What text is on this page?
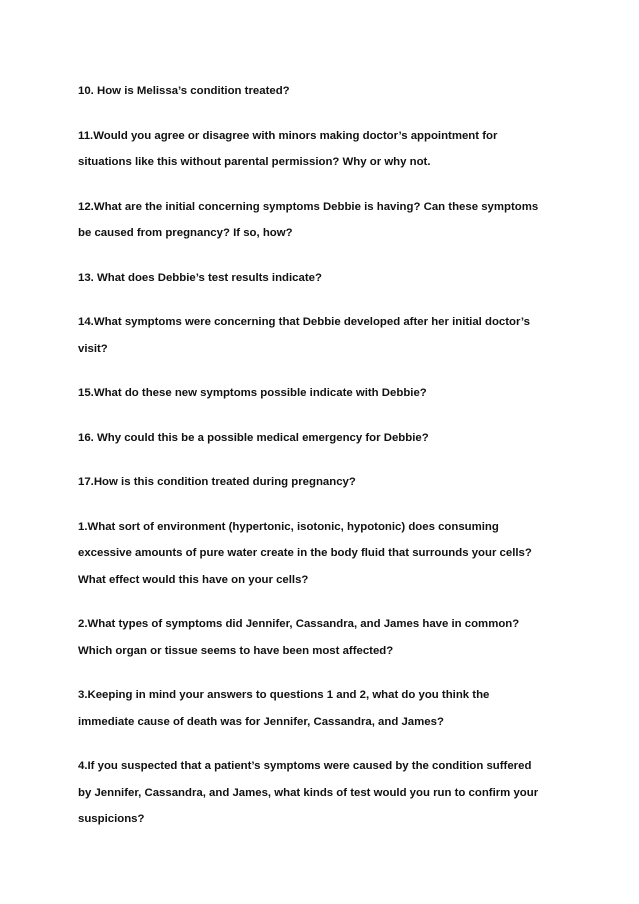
10. How is Melissa’s condition treated?

11.Would you agree or disagree with minors making doctor’s appointment for
situations like this without parental permission? Why or why not.

12.What are the initial concerning symptoms Debbie is having? Can these symptoms
be caused from pregnancy? If so, how?

13. What does Debbie’s test results indicate?

14.What symptoms were concerning that Debbie developed after her initial doctor’s
visit?

15.What do these new symptoms possible indicate with Debbie?

16. Why could this be a possible medical emergency for Debbie?

17.How is this condition treated during pregnancy?

1.What sort of environment (hypertonic, isotonic, hypotonic) does consuming
excessive amounts of pure water create in the body fluid that surrounds your cells?
What effect would this have on your cells?

2.What types of symptoms did Jennifer, Cassandra, and James have in common?
Which organ or tissue seems to have been most affected?

3.Keeping in mind your answers to questions 1 and 2, what do you think the
immediate cause of death was for Jennifer, Cassandra, and James?

4.If you suspected that a patient’s symptoms were caused by the condition suffered
by Jennifer, Cassandra, and James, what kinds of test would you run to confirm your
suspicions?
